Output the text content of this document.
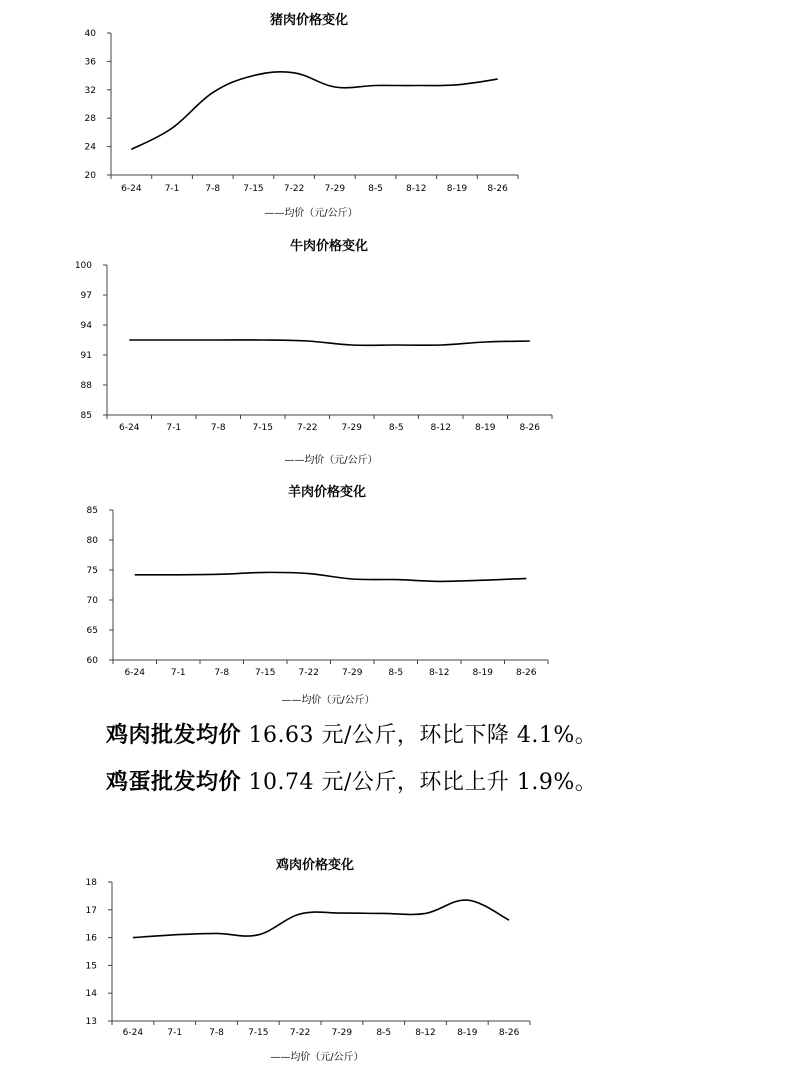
猪肉价格变化
20
24
28
32
36
40
6-24	7-1	7-8	7-15 7-22 7-29	8-5	8-12 8-19 8-26
——均价（元/公斤）
牛肉价格变化
85
88
91
94
97
100
6-24	7-1	7-8	7-15	7-22	7-29	8-5	8-12	8-19	8-26
——均价（元/公斤）
羊肉价格变化
60
65
70
75
80
85
6-24	7-1	7-8	7-15	7-22	7-29	8-5	8-12	8-19	8-26
——均价（元/公斤）
鸡肉价格变化
13
14
15
16
17
18
6-24	7-1	7-8	7-15 7-22 7-29	8-5	8-12 8-19 8-26
——均价（元/公斤）
鸡肉批发均价 16.63 元/公斤，环比下降 4.1%。
鸡蛋批发均价 10.74 元/公斤，环比上升 1.9%。
